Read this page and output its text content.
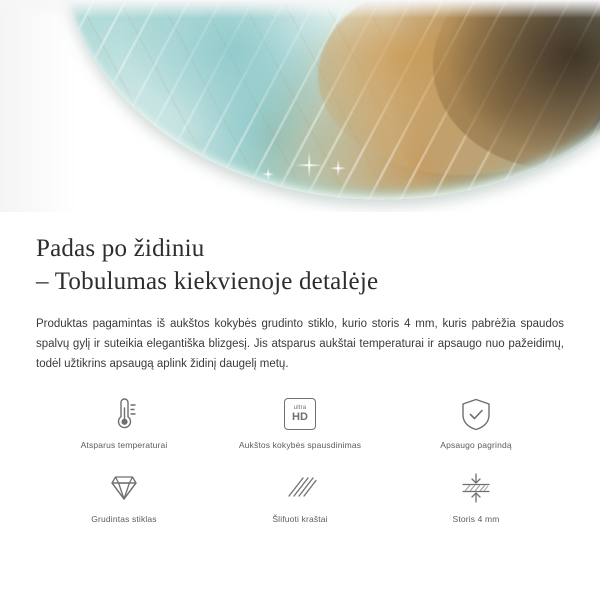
Padas po židiniu
– Tobulumas kiekvienoje detalėje

Produktas pagamintas iš aukštos kokybės grudinto stiklo, kurio storis 4 mm, kuris pabrėžia spaudos spalvų gylį ir suteikia elegantiška blizgesį. Jis atsparus aukštai temperaturai ir apsaugo nuo pažeidimų, todėl užtikrins apsaugą aplink židinį daugelį metų.

Atsparus temperaturai
ultra
HD
Aukštos kokybės spausdinimas	Apsaugo pagrindą
Grudintas stiklas	Šlifuoti kraštai	Storis 4 mm
